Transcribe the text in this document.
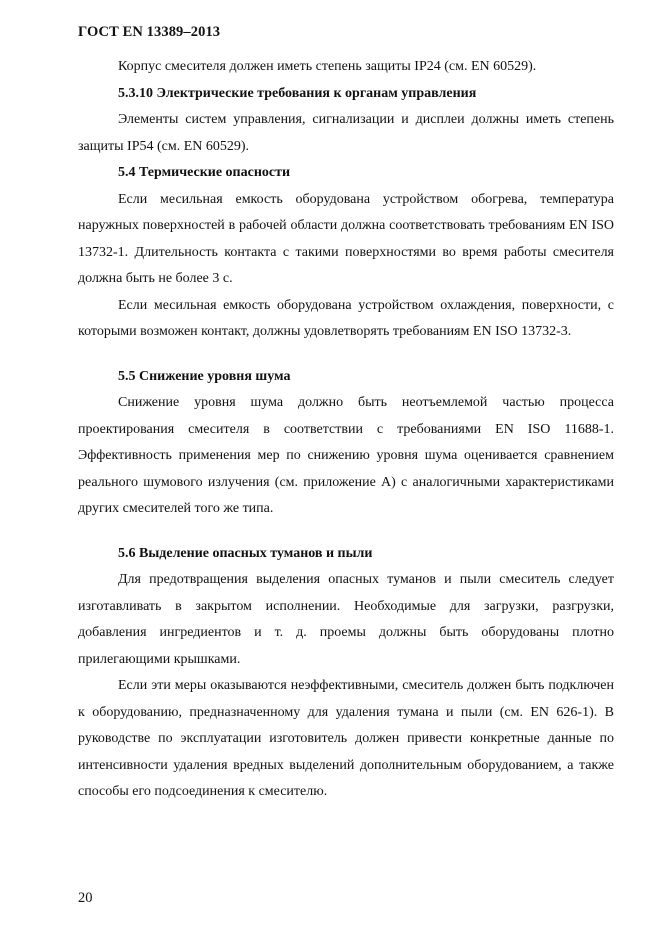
ГОСТ EN 13389–2013

Корпус смесителя должен иметь степень защиты IP24 (см. EN 60529).

5.3.10 Электрические требования к органам управления

Элементы систем управления, сигнализации и дисплеи должны иметь степень защиты IP54 (см. EN 60529).

5.4 Термические опасности

Если месильная емкость оборудована устройством обогрева, температура наружных поверхностей в рабочей области должна соответствовать требованиям EN ISO 13732-1. Длительность контакта с такими поверхностями во время работы смесителя должна быть не более 3 с.

Если месильная емкость оборудована устройством охлаждения, поверхности, с которыми возможен контакт, должны удовлетворять требованиям EN ISO 13732-3.

5.5 Снижение уровня шума

Снижение уровня шума должно быть неотъемлемой частью процесса проектирования смесителя в соответствии с требованиями EN ISO 11688-1. Эффективность применения мер по снижению уровня шума оценивается сравнением реального шумового излучения (см. приложение А) с аналогичными характеристиками других смесителей того же типа.

5.6 Выделение опасных туманов и пыли

Для предотвращения выделения опасных туманов и пыли смеситель следует изготавливать в закрытом исполнении. Необходимые для загрузки, разгрузки, добавления ингредиентов и т. д. проемы должны быть оборудованы плотно прилегающими крышками.

Если эти меры оказываются неэффективными, смеситель должен быть подключен к оборудованию, предназначенному для удаления тумана и пыли (см. EN 626-1). В руководстве по эксплуатации изготовитель должен привести конкретные данные по интенсивности удаления вредных выделений дополнительным оборудованием, а также способы его подсоединения к смесителю.

20
